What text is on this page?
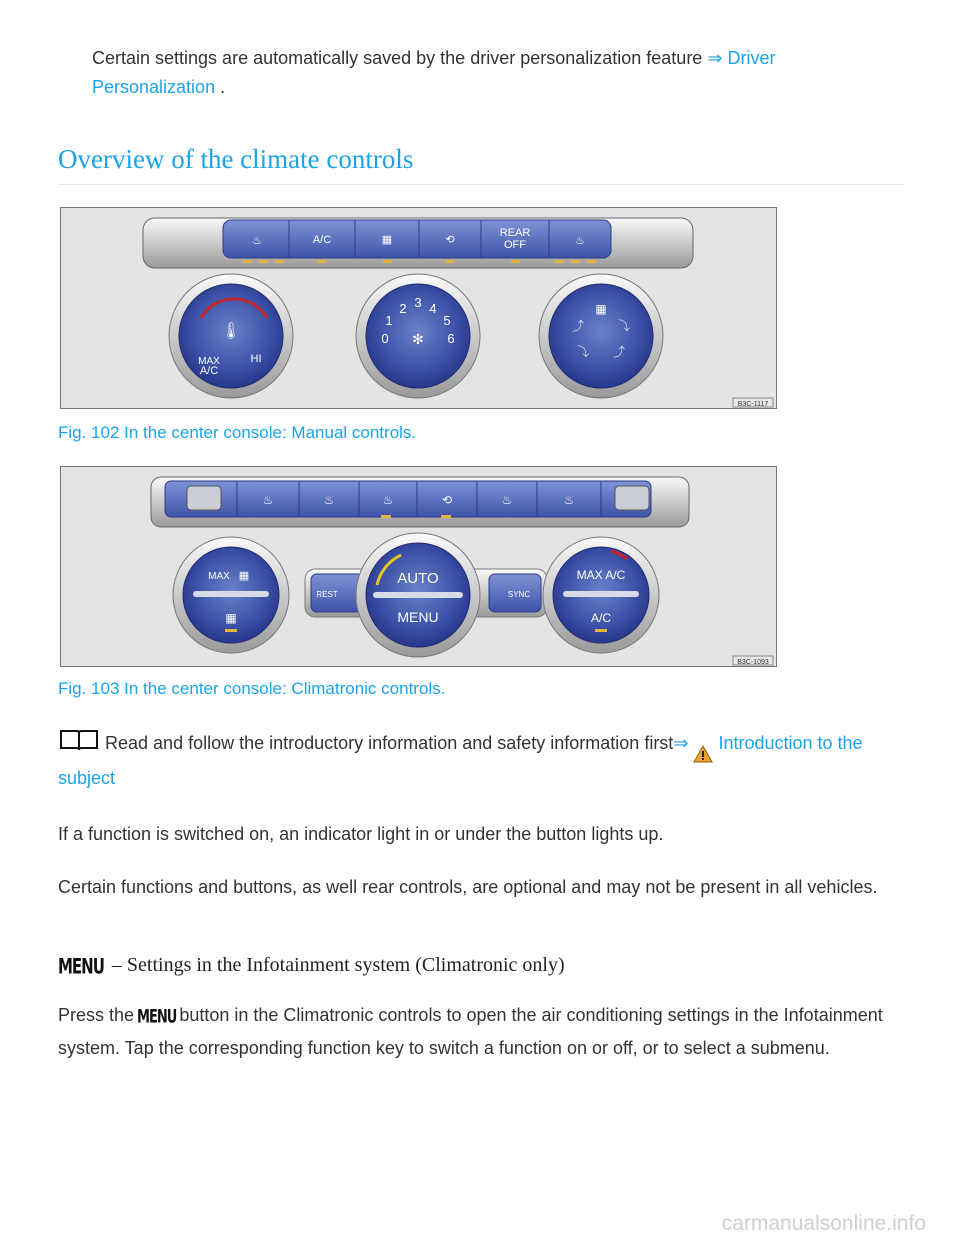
Certain settings are automatically saved by the driver personalization feature ⇒ Driver
Personalization .
Overview of the climate controls
♨	A/C	▦	⟲
REAR
OFF	♨
🌡
MAX
A/C
HI
0
1
2 3 4
5
6
✻
▦
⤴	⤵
⤵ ⤴
B3C-1117
Fig. 102 In the center console: Manual controls.
♨	♨	♨	⟲	♨	♨
MAX ▦
▦
REST	SYNC
AUTO
MENU
MAX A/C
A/C
B3C-1093
Fig. 103 In the center console: Climatronic controls.
Read and follow the introductory information and safety information first⇒ Introduction to the
subject
If a function is switched on, an indicator light in or under the button lights up.
Certain functions and buttons, as well rear controls, are optional and may not be present in all vehicles.
MENU – Settings in the Infotainment system (Climatronic only)
Press the MENU button in the Climatronic controls to open the air conditioning settings in the Infotainment system. Tap the corresponding function key to switch a function on or off, or to select a submenu.
carmanualsonline.info
